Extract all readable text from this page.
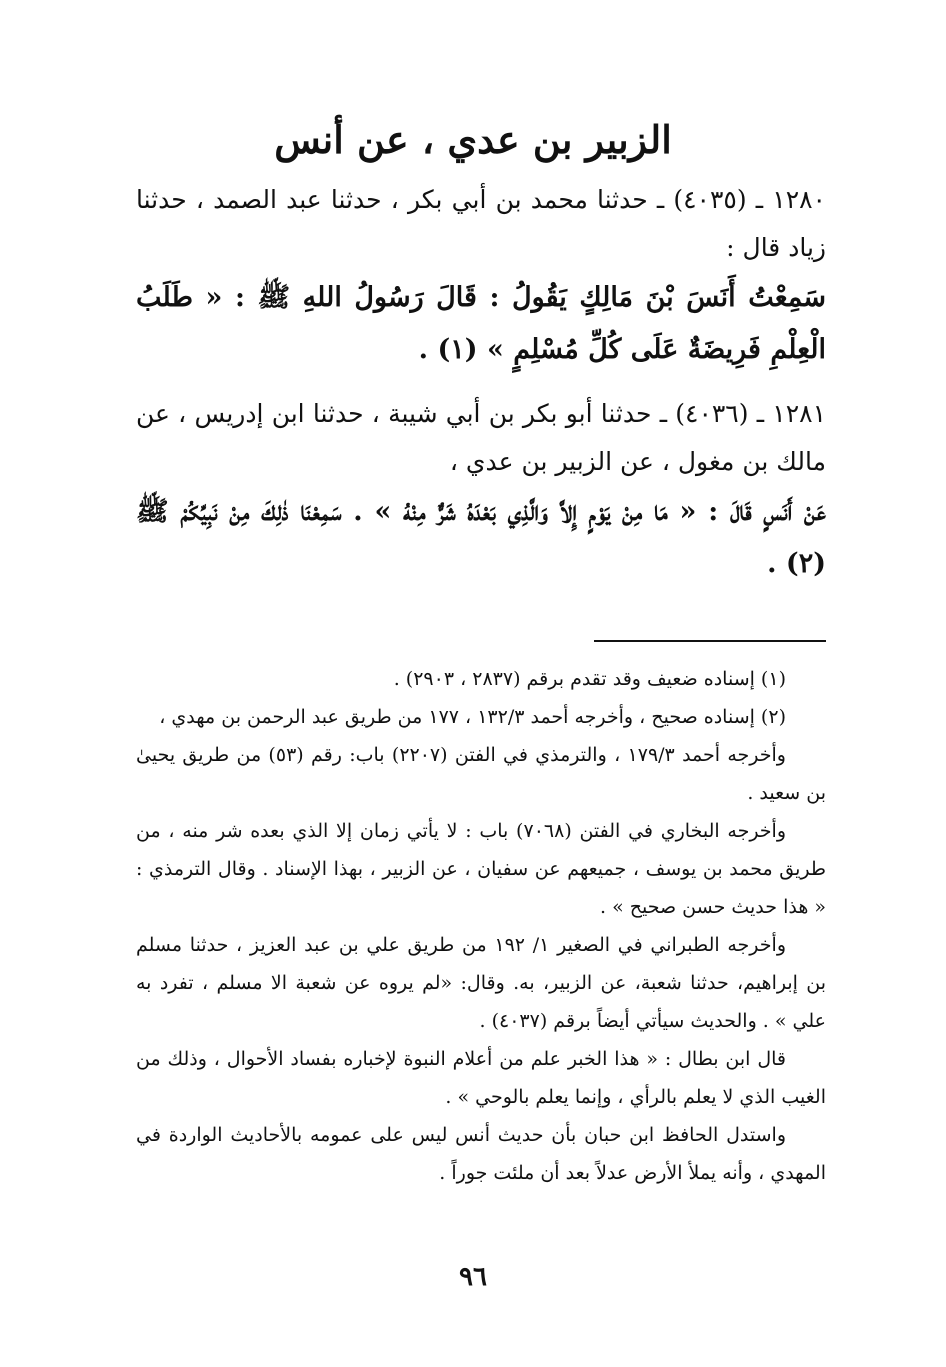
الزبير بن عدي ، عن أنس

١٢٨٠ ـ (٤٠٣٥) ـ حدثنا محمد بن أبي بكر ، حدثنا عبد الصمد ، حدثنا زياد قال :

سَمِعْتُ أَنَسَ بْنَ مَالِكٍ يَقُولُ : قَالَ رَسُولُ اللهِ ﷺ : « طَلَبُ الْعِلْمِ فَرِيضَةٌ عَلَى كُلِّ مُسْلِمٍ » (١) .

١٢٨١ ـ (٤٠٣٦) ـ حدثنا أبو بكر بن أبي شيبة ، حدثنا ابن إدريس ، عن مالك بن مغول ، عن الزبير بن عدي ،

عَنْ أَنَسٍ قَالَ : « مَا مِنْ يَوْمٍ إِلاَّ وَالَّذِي بَعْدَهُ شَرٌّ مِنْهُ » . سَمِعْنَا ذٰلِكَ مِنْ نَبِيِّكُمْ ﷺ (٢) .

(١) إسناده ضعيف وقد تقدم برقم (٢٨٣٧ ، ٢٩٠٣) .

(٢) إسناده صحيح ، وأخرجه أحمد ١٣٢/٣ ، ١٧٧ من طريق عبد الرحمن بن مهدي ،

وأخرجه أحمد ١٧٩/٣ ، والترمذي في الفتن (٢٢٠٧) باب: رقم (٥٣) من طريق يحيىٰ بن سعيد .

وأخرجه البخاري في الفتن (٧٠٦٨) باب : لا يأتي زمان إلا الذي بعده شر منه ، من طريق محمد بن يوسف ، جميعهم عن سفيان ، عن الزبير ، بهذا الإسناد . وقال الترمذي : « هذا حديث حسن صحيح » .

وأخرجه الطبراني في الصغير ١/ ١٩٢ من طريق علي بن عبد العزيز ، حدثنا مسلم بن إبراهيم، حدثنا شعبة، عن الزبير، به. وقال: «لم يروه عن شعبة الا مسلم ، تفرد به علي » . والحديث سيأتي أيضاً برقم (٤٠٣٧) .

قال ابن بطال : « هذا الخبر علم من أعلام النبوة لإخباره بفساد الأحوال ، وذلك من الغيب الذي لا يعلم بالرأي ، وإنما يعلم بالوحي » .

واستدل الحافظ ابن حبان بأن حديث أنس ليس على عمومه بالأحاديث الواردة في المهدي ، وأنه يملأ الأرض عدلاً بعد أن ملئت جوراً .

٩٦
